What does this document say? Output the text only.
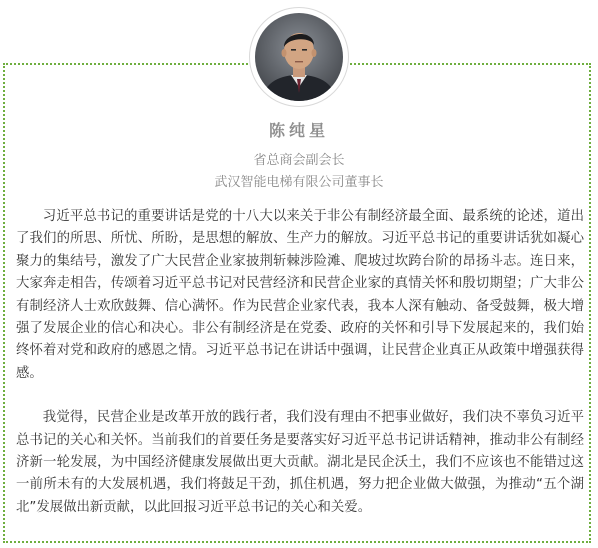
陈纯星
省总商会副会长
武汉智能电梯有限公司董事长

习近平总书记的重要讲话是党的十八大以来关于非公有制经济最全面、最系统的论述，道出了我们的所思、所忧、所盼，是思想的解放、生产力的解放。习近平总书记的重要讲话犹如凝心聚力的集结号，激发了广大民营企业家披荆斩棘涉险滩、爬坡过坎跨台阶的昂扬斗志。连日来，大家奔走相告，传颂着习近平总书记对民营经济和民营企业家的真情关怀和殷切期望；广大非公有制经济人士欢欣鼓舞、信心满怀。作为民营企业家代表，我本人深有触动、备受鼓舞，极大增强了发展企业的信心和决心。非公有制经济是在党委、政府的关怀和引导下发展起来的，我们始终怀着对党和政府的感恩之情。习近平总书记在讲话中强调，让民营企业真正从政策中增强获得感。

我觉得，民营企业是改革开放的践行者，我们没有理由不把事业做好，我们决不辜负习近平总书记的关心和关怀。当前我们的首要任务是要落实好习近平总书记讲话精神，推动非公有制经济新一轮发展，为中国经济健康发展做出更大贡献。湖北是民企沃土，我们不应该也不能错过这一前所未有的大发展机遇，我们将鼓足干劲，抓住机遇，努力把企业做大做强，为推动“五个湖北”发展做出新贡献，以此回报习近平总书记的关心和关爱。
